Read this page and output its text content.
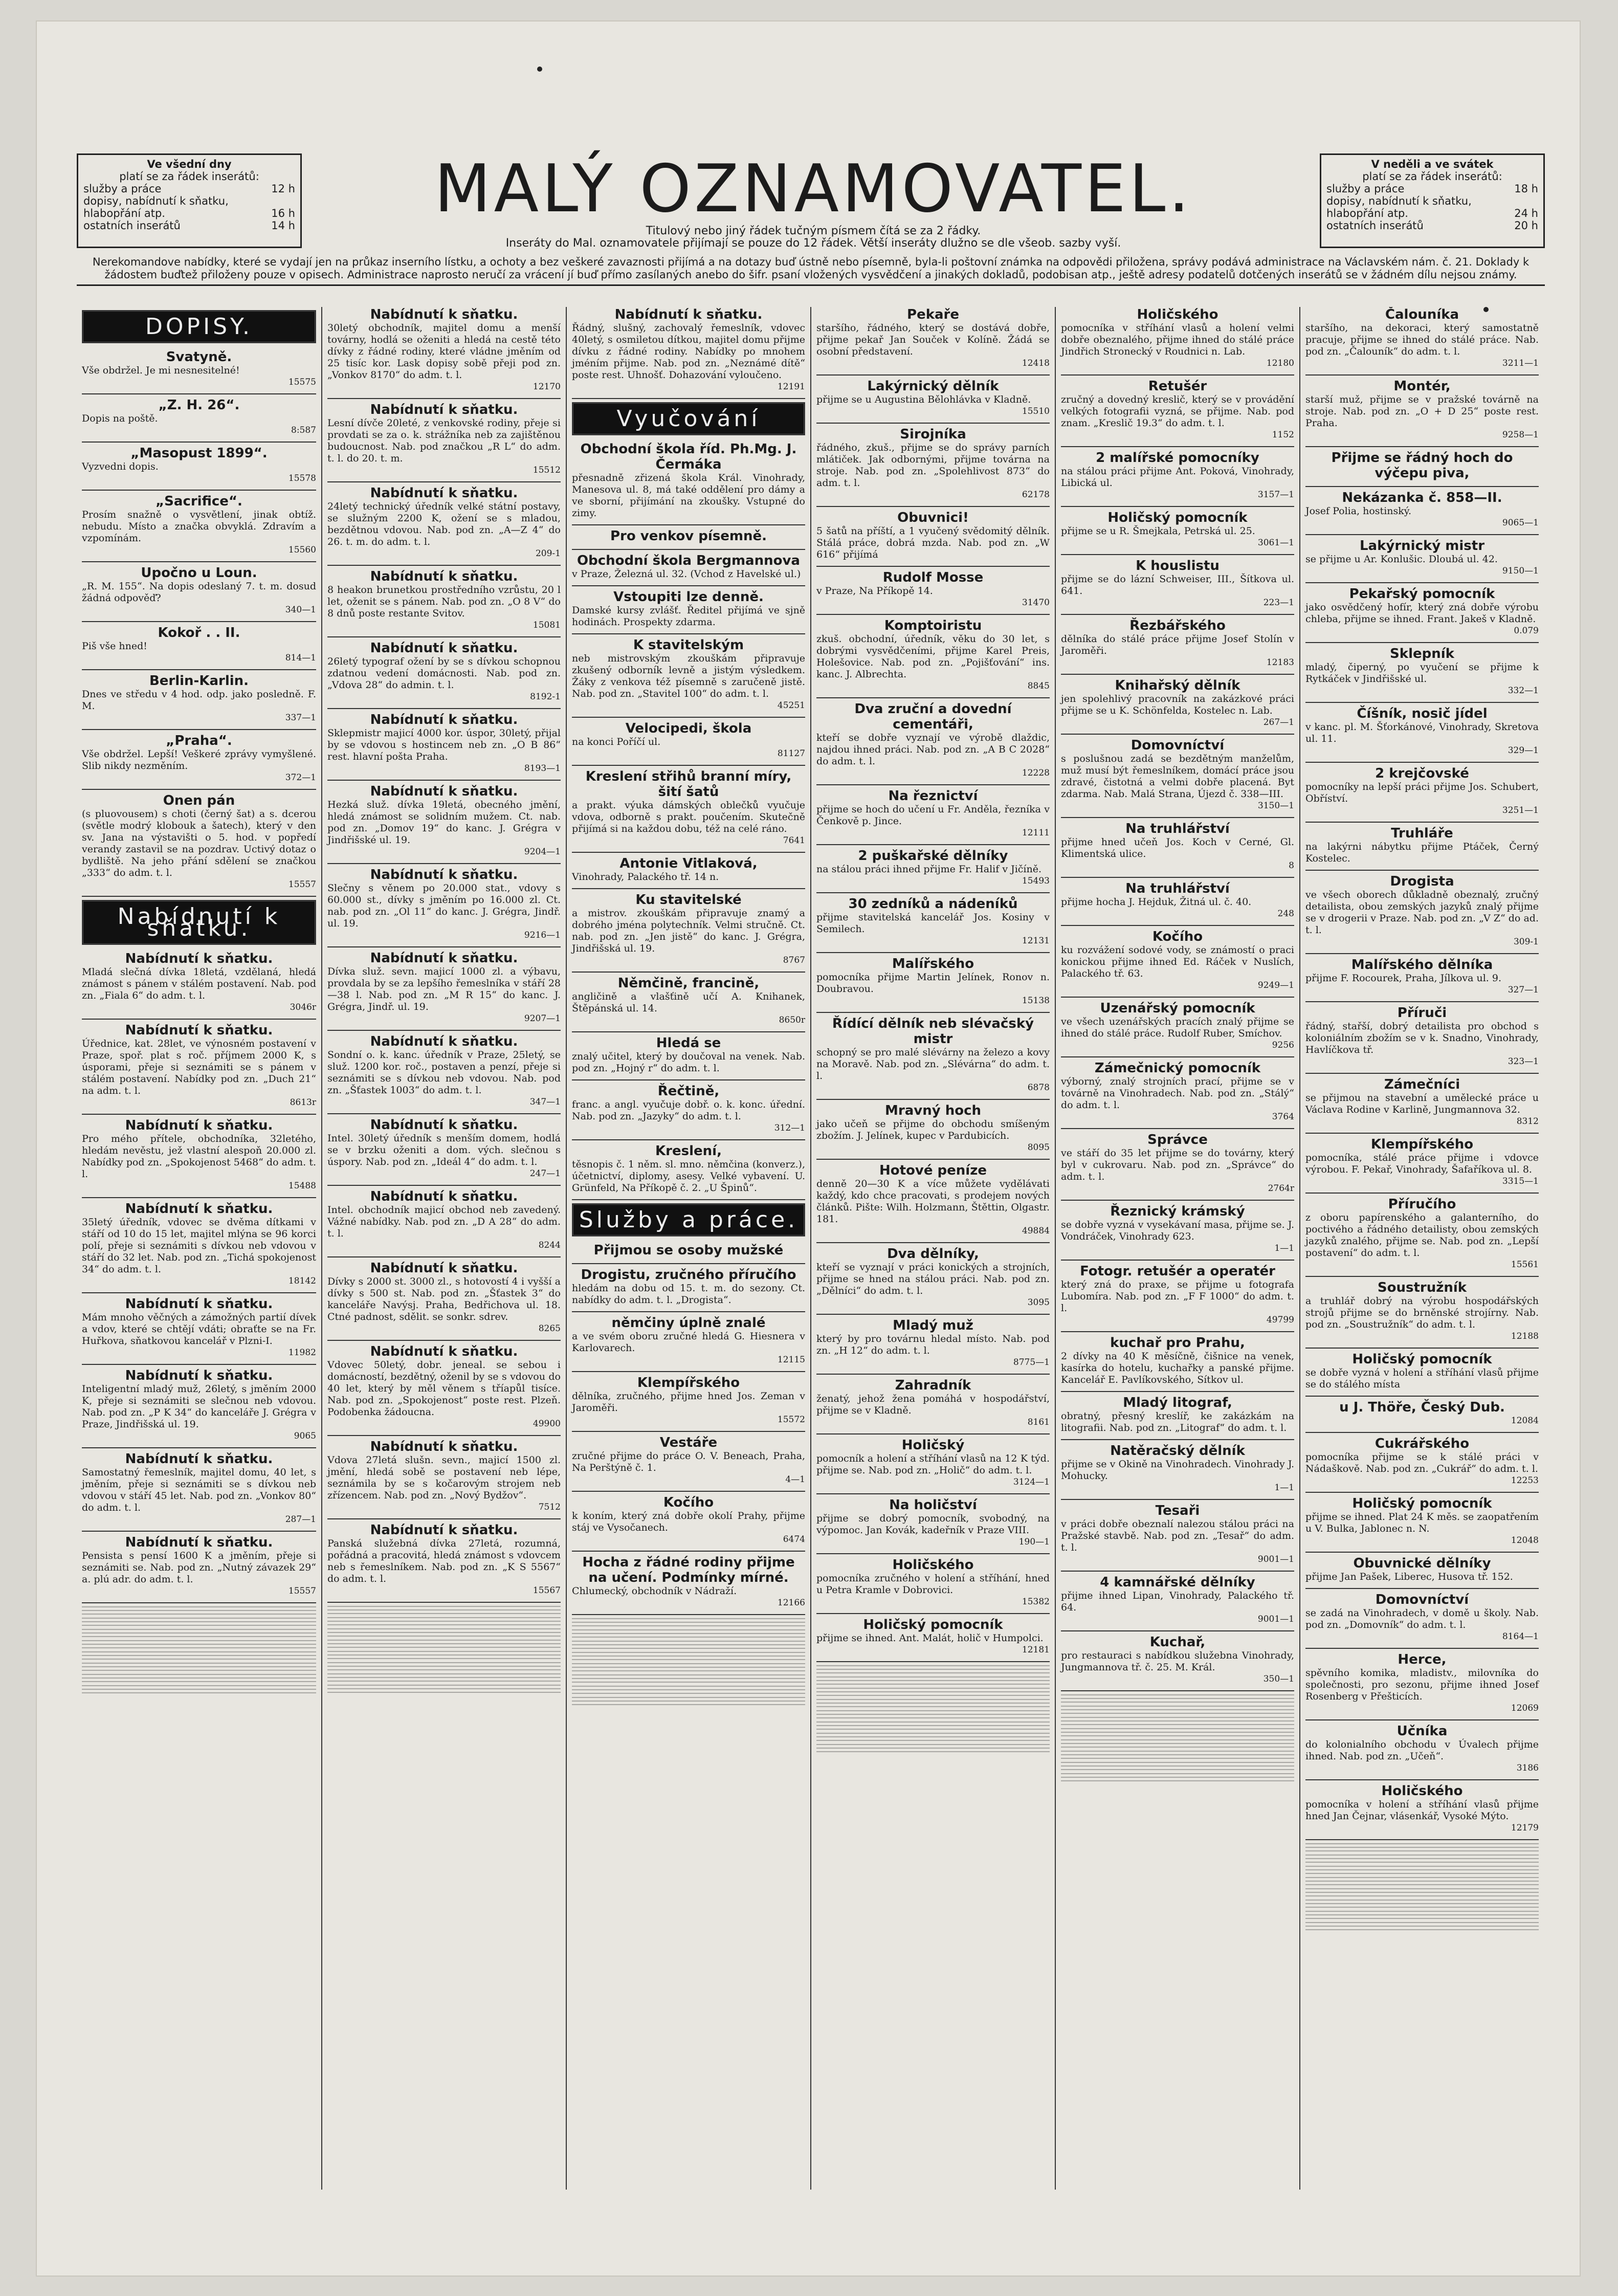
Ve všední dny
platí se za řádek inserátů:
služby a práce	12 h
dopisy, nabídnutí k sňatku,
hlabopřání atp.	16 h
ostatních inserátů	14 h	MALÝ OZNAMOVATEL.
Titulový nebo jiný řádek tučným písmem čítá se za 2 řádky.
Inseráty do Mal. oznamovatele přijímají se pouze do 12 řádek. Větší inseráty dlužno se dle všeob. sazby vyší.
V neděli a ve svátek
platí se za řádek inserátů:
služby a práce	18 h
dopisy, nabídnutí k sňatku,
hlabopřání atp.	24 h
ostatních inserátů	20 h
Nerekomandove nabídky, které se vydají jen na průkaz inserního lístku, a ochoty a bez veškeré zavaznosti přijímá a na dotazy buď ústně nebo písemně, byla-li poštovní známka na odpovědi přiložena, správy podává administrace na Václavském nám. č. 21. Doklady k žádostem buďtež přiloženy pouze v opisech. Administrace naprosto neručí za vrácení jí buď přímo zasílaných anebo do šifr. psaní vložených vysvědčení a jinakých dokladů, podobisan atp., ještě adresy podatelů dotčených inserátů se v žádném dílu nejsou známy.
DOPISY.
Svatyně.
Vše obdržel. Je mi nesnesitelné!
15575
„Z. H. 26“.
Dopis na poště.
8:587
„Masopust 1899“.
Vyzvedni dopis.
15578
„Sacrifice“.
Prosím snažně o vysvětlení, jinak obtíž. nebudu. Místo a značka obvyklá. Zdravím a vzpomínám.
15560
Upočno u Loun.
„R. M. 155“. Na dopis odeslaný 7. t. m. dosud žádná odpověď?
340—1
Kokoř . . II.
Piš vše hned!
814—1
Berlin-Karlin.
Dnes ve středu v 4 hod. odp. jako posledně. F. M.
337—1
„Praha“.
Vše obdržel. Lepší! Veškeré zprávy vymyšlené. Slib nikdy nezměním.
372—1
Onen pán
(s pluovousem) s choti (černý šat) a s. dcerou (světle modrý klobouk a šatech), který v den sv. Jana na výstavišti o 5. hod. v popředí verandy zastavil se na pozdrav. Uctivý dotaz o bydliště. Na jeho přání sdělení se značkou „333“ do adm. t. l.
15557
Nabídnutí k sňatku.
Nabídnutí k sňatku.
Mladá slečná dívka 18letá, vzdělaná, hledá známost s pánem v stálém postavení. Nab. pod zn. „Fiala 6“ do adm. t. l.
3046r
Nabídnutí k sňatku.
Úřednice, kat. 28let, ve výnosném postavení v Praze, spoř. plat s roč. příjmem 2000 K, s úsporami, přeje si seznámiti se s pánem v stálém postavení. Nabídky pod zn. „Duch 21“ na adm. t. l.
8613r
Nabídnutí k sňatku.
Pro mého přítele, obchodníka, 32letého, hledám nevěstu, jež vlastní alespoň 20.000 zl. Nabídky pod zn. „Spokojenost 5468“ do adm. t. l.
15488
Nabídnutí k sňatku.
35letý úředník, vdovec se dvěma dítkami v stáří od 10 do 15 let, majitel mlýna se 96 korci polí, přeje si seznámiti s dívkou neb vdovou v stáří do 32 let. Nab. pod zn. „Tichá spokojenost 34“ do adm. t. l.
18142
Nabídnutí k sňatku.
Mám mnoho věčných a zámožných partií dívek a vdov, které se chtějí vdáti; obraťte se na Fr. Huřkova, sňatkovou kancelář v Plzni-I.
11982
Nabídnutí k sňatku.
Inteligentní mladý muž, 26letý, s jměním 2000 K, přeje si seznámiti se slečnou neb vdovou. Nab. pod zn. „P K 34“ do kanceláře J. Grégra v Praze, Jindřišská ul. 19.
9065
Nabídnutí k sňatku.
Samostatný řemeslník, majitel domu, 40 let, s jměním, přeje si seznámiti se s dívkou neb vdovou v stáří 45 let. Nab. pod zn. „Vonkov 80“ do adm. t. l.
287—1
Nabídnutí k sňatku.
Pensista s pensí 1600 K a jměním, přeje si seznámiti se. Nab. pod zn. „Nutný závazek 29“ a. plú adr. do adm. t. l.
15557
Nabídnutí k sňatku.
30letý obchodník, majitel domu a menší továrny, hodlá se oženiti a hledá na cestě této dívky z řádné rodiny, které vládne jměním od 25 tisíc kor. Lask dopisy sobě přeji pod zn. „Vonkov 8170“ do adm. t. l.
12170
Nabídnutí k sňatku.
Lesní dívče 20leté, z venkovské rodiny, přeje si provdati se za o. k. strážníka neb za zajištěnou budoucnost. Nab. pod značkou „R L“ do adm. t. l. do 20. t. m.
15512
Nabídnutí k sňatku.
24letý technický úředník velké státní postavy, se služným 2200 K, ožení se s mladou, bezdětnou vdovou. Nab. pod zn. „A—Z 4“ do 26. t. m. do adm. t. l.
209-1
Nabídnutí k sňatku.
8 heakon brunetkou prostředního vzrůstu, 20 l let, oženit se s pánem. Nab. pod zn. „O 8 V“ do 8 dnů poste restante Svitov.
15081
Nabídnutí k sňatku.
26letý typograf ožení by se s dívkou schopnou zdatnou vedení domácnosti. Nab. pod zn. „Vdova 28“ do admin. t. l.
8192-1
Nabídnutí k sňatku.
Sklepmistr majicí 4000 kor. úspor, 30letý, přijal by se vdovou s hostincem neb zn. „O B 86“ rest. hlavní pošta Praha.
8193—1
Nabídnutí k sňatku.
Hezká služ. dívka 19letá, obecného jmění, hledá známost se solidním mužem. Ct. nab. pod zn. „Domov 19“ do kanc. J. Grégra v Jindřišské ul. 19.
9204—1
Nabídnutí k sňatku.
Slečny s věnem po 20.000 stat., vdovy s 60.000 st., dívky s jměním po 16.000 zl. Ct. nab. pod zn. „Ol 11“ do kanc. J. Grégra, Jindř. ul. 19.
9216—1
Nabídnutí k sňatku.
Dívka služ. sevn. majicí 1000 zl. a výbavu, provdala by se za lepšího řemeslníka v stáří 28 —38 l. Nab. pod zn. „M R 15“ do kanc. J. Grégra, Jindř. ul. 19.
9207—1
Nabídnutí k sňatku.
Sondní o. k. kanc. úředník v Praze, 25letý, se služ. 1200 kor. roč., postaven a penzí, přeje si seznámiti se s dívkou neb vdovou. Nab. pod zn. „Šťastek 1003“ do adm. t. l.
347—1
Nabídnutí k sňatku.
Intel. 30letý úředník s menším domem, hodlá se v brzku oženiti a dom. vých. slečnou s úspory. Nab. pod zn. „Ideál 4“ do adm. t. l.
247—1
Nabídnutí k sňatku.
Intel. obchodník majicí obchod neb zavedený. Vážné nabídky. Nab. pod zn. „D A 28“ do adm. t. l.
8244
Nabídnutí k sňatku.
Dívky s 2000 st. 3000 zl., s hotovostí 4 i vyšší a dívky s 500 st. Nab. pod zn. „Šťastek 3“ do kanceláře Navýsj. Praha, Bedřichova ul. 18. Ctné padnost, sdělit. se sonkr. sdrev.
8265
Nabídnutí k sňatku.
Vdovec 50letý, dobr. jeneal. se sebou i domácností, bezdětný, oženil by se s vdovou do 40 let, který by měl věnem s tříapůl tisíce. Nab. pod zn. „Spokojenost“ poste rest. Plzeň. Podobenka žádoucna.
49900
Nabídnutí k sňatku.
Vdova 27letá slušn. sevn., majicí 1500 zl. jmění, hledá sobě se postavení neb lépe, seznámila by se s kočarovým strojem neb zřízencem. Nab. pod zn. „Nový Bydžov“.
7512
Nabídnutí k sňatku.
Panská služebná dívka 27letá, rozumná, pořádná a pracovitá, hledá známost s vdovcem neb s řemeslníkem. Nab. pod zn. „K S 5567“ do adm. t. l.
15567
Nabídnutí k sňatku.
Řádný, slušný, zachovalý řemeslník, vdovec 40letý, s osmiletou dítkou, majitel domu přijme dívku z řádné rodiny. Nabídky po mnohem jméním přijme. Nab. pod zn. „Neznámé dítě“ poste rest. Uhnošť. Dohazování vyloučeno.
12191
Vyučování
Obchodní škola říd. Ph.Mg. J. Čermáka
přesnadně zřizená škola Král. Vinohrady, Manesova ul. 8, má také oddělení pro dámy a ve sborní, přijímání na zkoušky. Vstupné do zimy.
Pro venkov písemně.
Obchodní škola Bergmannova
v Praze, Železná ul. 32. (Vchod z Havelské ul.)
Vstoupiti lze denně.
Damské kursy zvlášť. Ředitel přijímá ve sjně hodinách. Prospekty zdarma.
K stavitelským
neb mistrovským zkouškám připravuje zkušený odborník levně a jistým výsledkem. Žáky z venkova též písemně s zaručeně jistě. Nab. pod zn. „Stavitel 100“ do adm. t. l.
45251
Velocipedi, škola
na konci Poříčí ul.
81127
Kreslení střihů branní míry, šití šatů
a prakt. výuka dámských oblečků vyučuje vdova, odborně s prakt. poučením. Skutečně přijímá si na každou dobu, též na celé ráno.
7641
Antonie Vitlaková,
Vinohrady, Palackého tř. 14 n.
Ku stavitelské
a mistrov. zkouškám připravuje znamý a dobrého jména polytechník. Velmi stručně. Ct. nab. pod zn. „Jen jistě“ do kanc. J. Grégra, Jindřišská ul. 19.
8767
Němčině, francině,
angličině a vlašťině učí A. Knihanek, Štěpánská ul. 14.
8650r
Hledá se
znalý učitel, který by doučoval na venek. Nab. pod zn. „Hojný r“ do adm. t. l.
Řečtině,
franc. a angl. vyučuje dobř. o. k. konc. úřední. Nab. pod zn. „Jazyky“ do adm. t. l.
312—1
Kreslení,
těsnopis č. 1 něm. sl. mno. němčina (konverz.), účetnictví, diplomy, asesy. Velké vybavení. U. Grünfeld, Na Příkopě č. 2. „U Špinů“.
Služby a práce.
Přijmou se osoby mužské
Drogistu, zručného příručího
hledám na dobu od 15. t. m. do sezony. Ct. nabídky do adm. t. l. „Drogista“.
němčiny úplně znalé
a ve svém oboru zručné hledá G. Hiesnera v Karlovarech.
12115
Klempířského
dělníka, zručného, přijme hned Jos. Zeman v Jaroměři.
15572
Vestáře
zručné přijme do práce O. V. Beneach, Praha, Na Perštýně č. 1.
4—1
Kočího
k koním, který zná dobře okolí Prahy, přijme stáj ve Vysočanech.
6474
Hocha z řádné rodiny přijme na učení. Podmínky mírné.
Chlumecký, obchodník v Nádraží.
12166
Pekaře
staršího, řádného, který se dostává dobře, přijme pekař Jan Souček v Kolíně. Žádá se osobní představení.
12418
Lakýrnický dělník
přijme se u Augustina Bělohlávka v Kladně.
15510
Sirojníka
řádného, zkuš., přijme se do správy parních mlátiček. Jak odbornými, přijme továrna na stroje. Nab. pod zn. „Spolehlivost 873“ do adm. t. l.
62178
Obuvnici!
5 šatů na příští, a 1 vyučený svědomitý dělník. Stálá práce, dobrá mzda. Nab. pod zn. „W 616“ přijímá
Rudolf Mosse
v Praze, Na Příkopě 14.
31470
Komptoiristu
zkuš. obchodní, úředník, věku do 30 let, s dobrými vysvědčeními, přijme Karel Preis, Holešovice. Nab. pod zn. „Pojišťování“ ins. kanc. J. Albrechta.
8845
Dva zruční a dovední cementáři,
kteří se dobře vyznají ve výrobě dlaždic, najdou ihned práci. Nab. pod zn. „A B C 2028“ do adm. t. l.
12228
Na řeznictví
přijme se hoch do učení u Fr. Anděla, řezníka v Čenkově p. Jince.
12111
2 puškařské dělníky
na stálou práci ihned přijme Fr. Halif v Jičíně.
15493
30 zedníků a nádeníků
přijme stavitelská kancelář Jos. Kosiny v Semilech.
12131
Malířského
pomocníka přijme Martin Jelínek, Ronov n. Doubravou.
15138
Řídící dělník neb slévačský mistr
schopný se pro malé slévárny na železo a kovy na Moravě. Nab. pod zn. „Slévárna“ do adm. t. l.
6878
Mravný hoch
jako učeň se přijme do obchodu smíšeným zbožím. J. Jelínek, kupec v Pardubicích.
8095
Hotové peníze
denně 20—30 K a více můžete vydělávati každý, kdo chce pracovati, s prodejem nových článků. Pište: Wilh. Holzmann, Štěttin, Olgastr. 181.
49884
Dva dělníky,
kteří se vyznají v práci konických a strojních, přijme se hned na stálou práci. Nab. pod zn. „Dělníci“ do adm. t. l.
3095
Mladý muž
který by pro továrnu hledal místo. Nab. pod zn. „H 12“ do adm. t. l.
8775—1
Zahradník
ženatý, jehož žena pomáhá v hospodářství, přijme se v Kladně.
8161
Holičský
pomocník a holení a stříhání vlasů na 12 K týd. přijme se. Nab. pod zn. „Holič“ do adm. t. l.
3124—1
Na holičství
přijme se dobrý pomocník, svobodný, na výpomoc. Jan Kovák, kadeřník v Praze VIII.
190—1
Holičského
pomocníka zručného v holení a stříhání, hned u Petra Kramle v Dobrovici.
15382
Holičský pomocník
přijme se ihned. Ant. Malát, holič v Humpolci.
12181
Holičského
pomocníka v stříhání vlasů a holení velmi dobře obeznalého, přijme ihned do stálé práce Jindřich Stronecký v Roudnici n. Lab.
12180
Retušér
zručný a dovedný kreslič, který se v provádění velkých fotografii vyzná, se přijme. Nab. pod znam. „Kreslič 19.3“ do adm. t. l.
1152
2 malířské pomocníky
na stálou práci přijme Ant. Poková, Vinohrady, Libická ul.
3157—1
Holičský pomocník
přijme se u R. Šmejkala, Petrská ul. 25.
3061—1
K houslistu
přijme se do lázní Schweiser, III., Šítkova ul. 641.
223—1
Řezbářského
dělníka do stálé práce přijme Josef Stolín v Jaroměři.
12183
Knihařský dělník
jen spolehlivý pracovník na zakázkové práci přijme se u K. Schönfelda, Kostelec n. Lab.
267—1
Domovníctví
s poslušnou zadá se bezdětným manželům, muž musí být řemeslníkem, domácí práce jsou zdravé, čistotná a velmi dobře placená. Byt zdarma. Nab. Malá Strana, Újezd č. 338—III.
3150—1
Na truhlářství
přijme hned učeň Jos. Koch v Cerné, Gl. Klimentská ulice.
8
Na truhlářství
přijme hocha J. Hejduk, Žitná ul. č. 40.
248
Kočího
ku rozvážení sodové vody, se známostí o praci konickou přijme ihned Ed. Ráček v Nuslích, Palackého tř. 63.
9249—1
Uzenářský pomocník
ve všech uzenářských pracích znalý přijme se ihned do stálé práce. Rudolf Ruber, Smíchov.
9256
Zámečnický pomocník
výborný, znalý strojních prací, přijme se v továrně na Vinohradech. Nab. pod zn. „Stálý“ do adm. t. l.
3764
Správce
ve stáří do 35 let přijme se do továrny, který byl v cukrovaru. Nab. pod zn. „Správce“ do adm. t. l.
2764r
Řeznický krámský
se dobře vyzná v vysekávaní masa, přijme se. J. Vondráček, Vinohrady 623.
1—1
Fotogr. retušér a operatér
který zná do praxe, se přijme u fotografa Lubomíra. Nab. pod zn. „F F 1000“ do adm. t. l.
49799
kuchař pro Prahu,
2 dívky na 40 K měsíčně, čišnice na venek, kasírka do hotelu, kuchařky a panské přijme. Kancelář E. Pavlíkovského, Sítkov ul.
Mladý litograf,
obratný, přesný kreslíř, ke zakázkám na litografii. Nab. pod zn. „Litograf“ do adm. t. l.
Natěračský dělník
přijme se v Okině na Vinohradech. Vinohrady J. Mohucky.
1—1
Tesaři
v práci dobře obeznalí nalezou stálou práci na Pražské stavbě. Nab. pod zn. „Tesař“ do adm. t. l.
9001—1
4 kamnářské dělníky
přijme ihned Lipan, Vinohrady, Palackého tř. 64.
9001—1
Kuchař,
pro restauraci s nabídkou služebna Vinohrady, Jungmannova tř. č. 25. M. Král.
350—1
Čalouníka
staršího, na dekoraci, který samostatně pracuje, přijme se ihned do stálé práce. Nab. pod zn. „Čalouník“ do adm. t. l.
3211—1
Montér,
starší muž, přijme se v pražské továrně na stroje. Nab. pod zn. „O + D 25“ poste rest. Praha.
9258—1
Přijme se řádný hoch do výčepu piva,
Nekázanka č. 858—II.
Josef Polia, hostinský.
9065—1
Lakýrnický mistr
se přijme u Ar. Konlušic. Dloubá ul. 42.
9150—1
Pekařský pomocník
jako osvědčený hofír, který zná dobře výrobu chleba, přijme se ihned. Frant. Jakeš v Kladně.
0.079
Sklepník
mladý, čiperný, po vyučení se přijme k Rytkáček v Jindřišské ul.
332—1
Číšník, nosič jídel
v kanc. pl. M. Šťorkánové, Vinohrady, Skretova ul. 11.
329—1
2 krejčovské
pomocníky na lepší práci přijme Jos. Schubert, Obříství.
3251—1
Truhláře
na lakýrni nábytku přijme Ptáček, Černý Kostelec.
Drogista
ve všech oborech důkladně obeznalý, zručný detailista, obou zemských jazyků znalý přijme se v drogerii v Praze. Nab. pod zn. „V Z“ do ad. t. l.
309-1
Malířského dělníka
přijme F. Rocourek, Praha, Jílkova ul. 9.
327—1
Příruči
řádný, stařší, dobrý detailista pro obchod s koloniálním zbožím se v k. Snadno, Vinohrady, Havlíčkova tř.
323—1
Zámečníci
se přijmou na stavební a umělecké práce u Václava Rodine v Karlině, Jungmannova 32.
8312
Klempířského
pomocníka, stálé práce přijme i vdovce výrobou. F. Pekař, Vinohrady, Šafaříkova ul. 8.
3315—1
Příručího
z oboru papírenského a galanterního, do poctivého a řádného detailisty, obou zemských jazyků znalého, přijme se. Nab. pod zn. „Lepší postavení“ do adm. t. l.
15561
Soustružník
a truhlář dobrý na výrobu hospodářských strojů přijme se do brněnské strojírny. Nab. pod zn. „Soustružník“ do adm. t. l.
12188
Holičský pomocník
se dobře vyzná v holení a stříhání vlasů přijme se do stálého místa
u J. Thöře, Český Dub.
12084
Cukrářského
pomocníka přijme se k stálé práci v Nádaškově. Nab. pod zn. „Cukrář“ do adm. t. l.
12253
Holičský pomocník
přijme se ihned. Plat 24 K měs. se zaopatřením u V. Bulka, Jablonec n. N.
12048
Obuvnické dělníky
přijme Jan Pašek, Liberec, Husova tř. 152.
Domovníctví
se zadá na Vinohradech, v domě u školy. Nab. pod zn. „Domovník“ do adm. t. l.
8164—1
Herce,
spěvního komika, mladistv., milovníka do společnosti, pro sezonu, přijme ihned Josef Rosenberg v Přešticích.
12069
Učníka
do kolonialního obchodu v Úvalech přijme ihned. Nab. pod zn. „Učeň“.
3186
Holičského
pomocníka v holení a stříhání vlasů přijme hned Jan Čejnar, vlásenkář, Vysoké Mýto.
12179
